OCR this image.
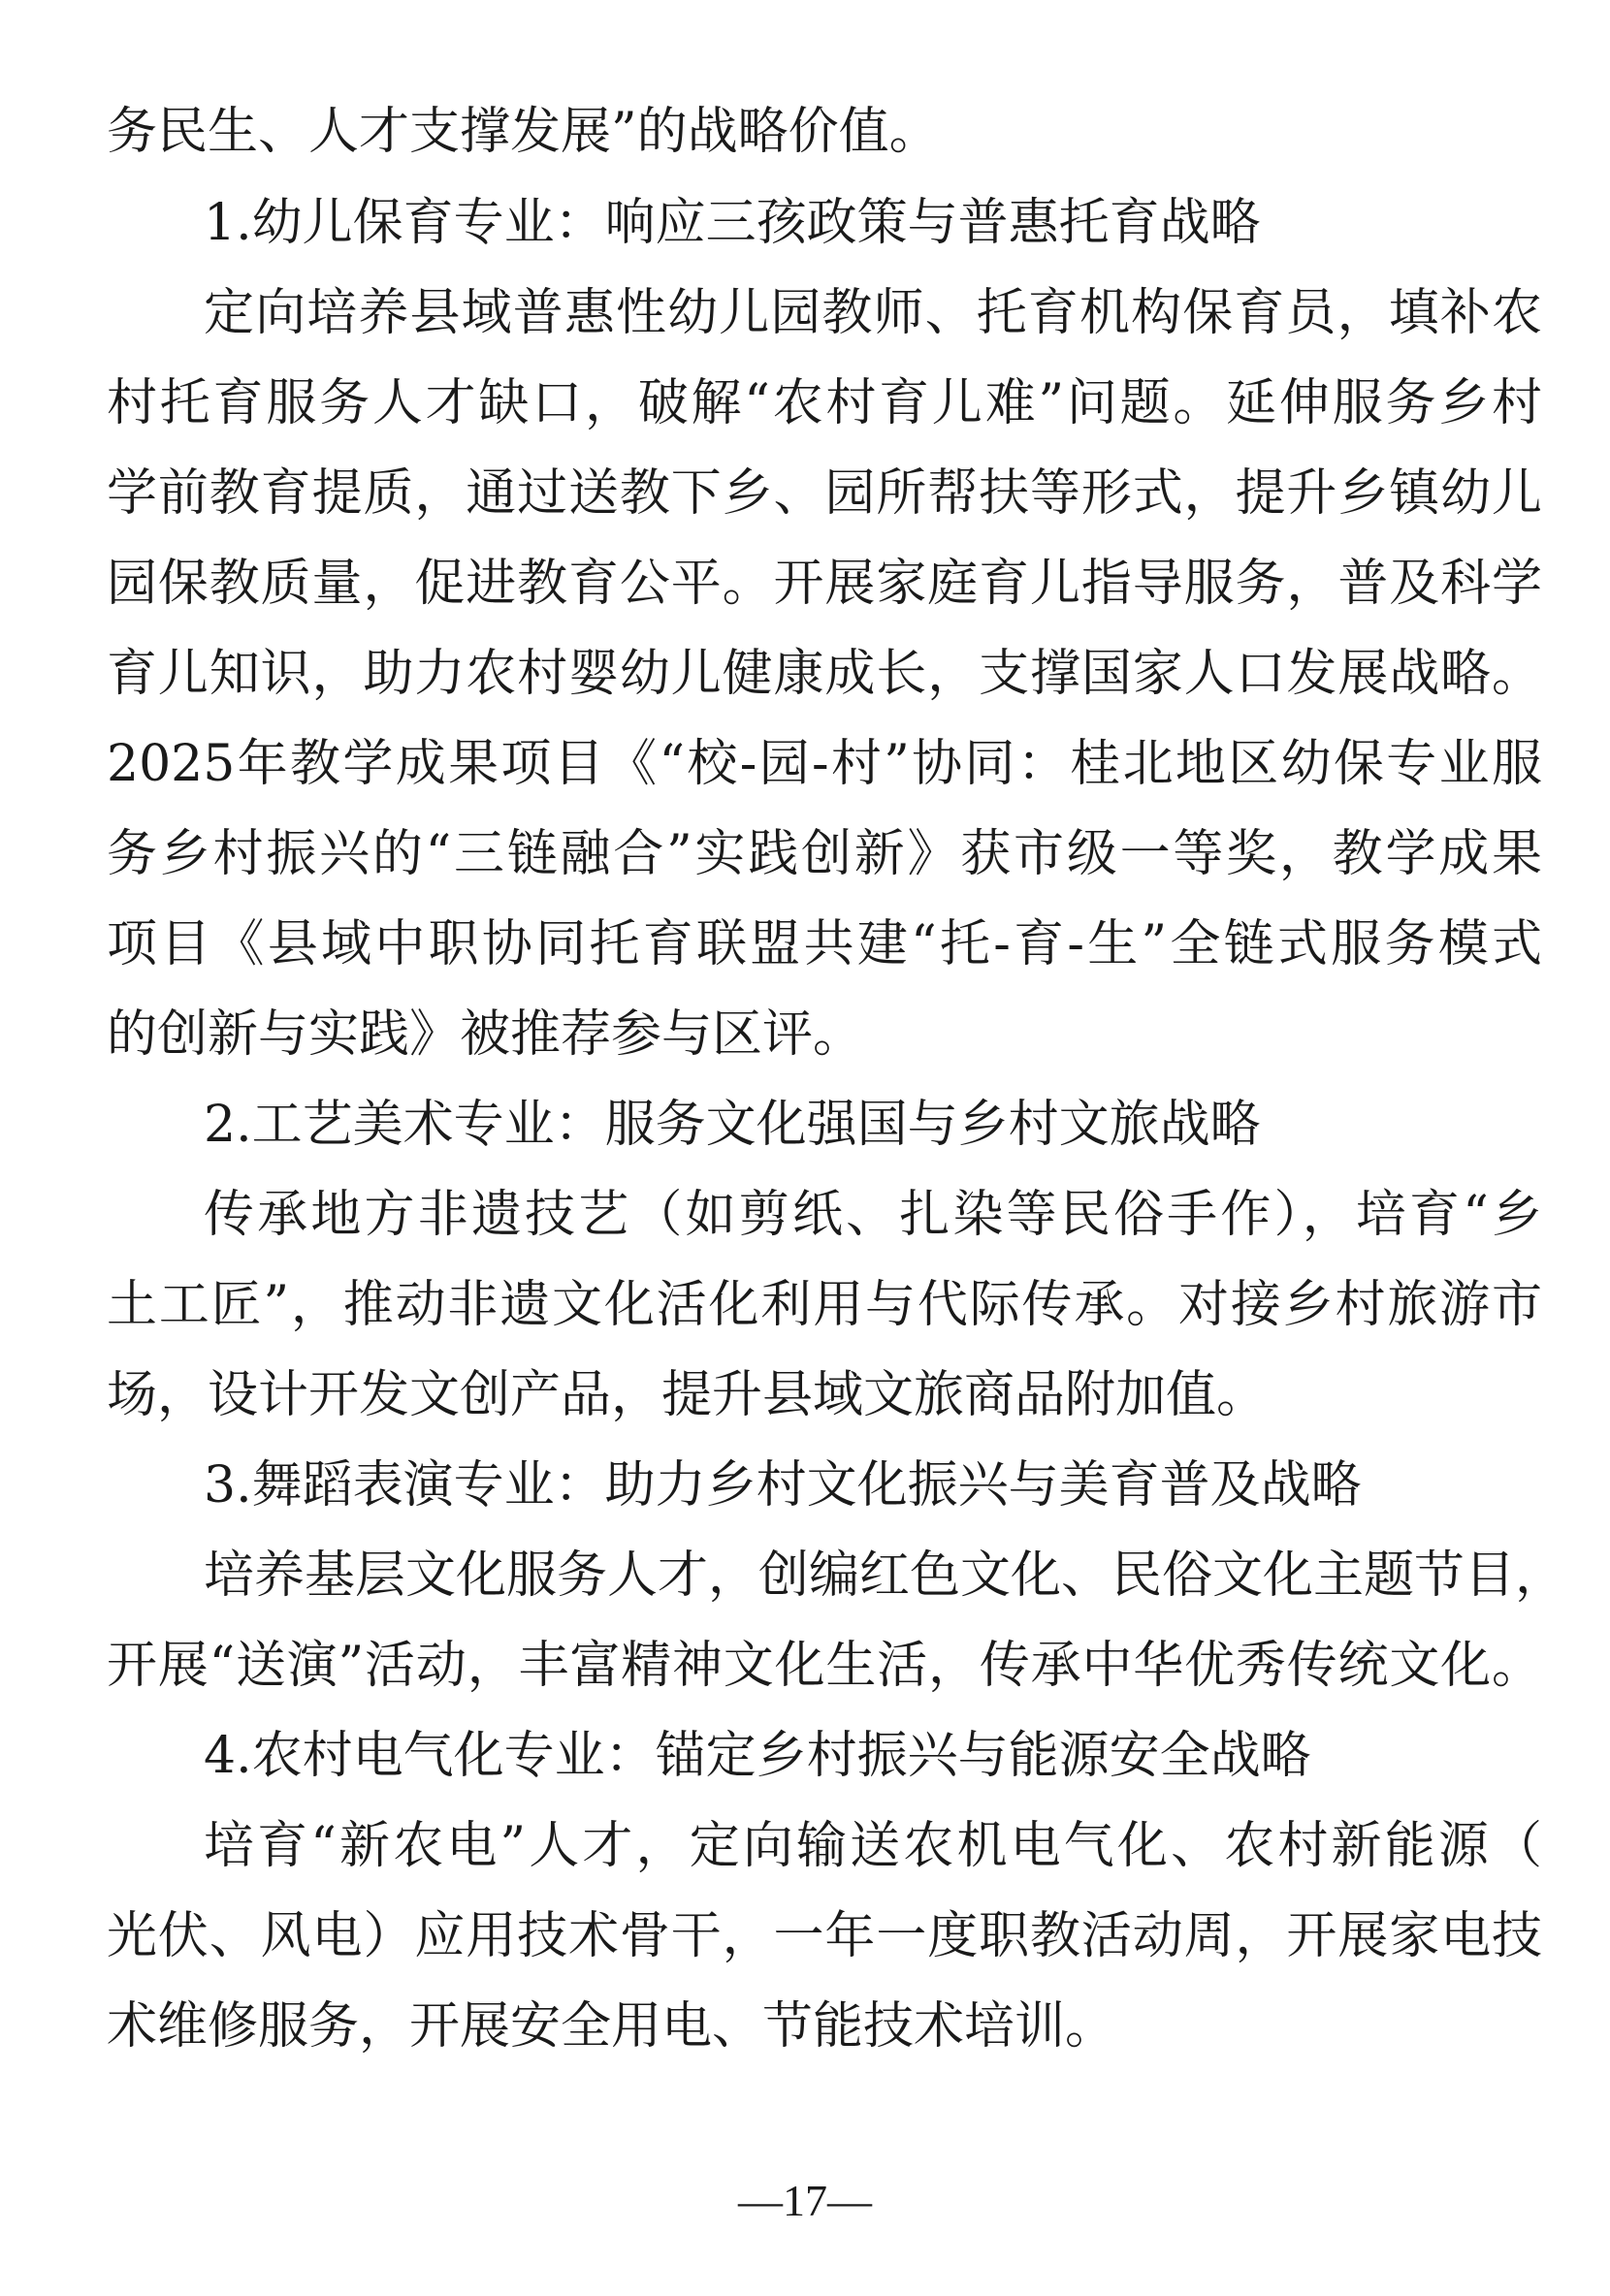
务民生、人才支撑发展”的战略价值。
1.幼儿保育专业：响应三孩政策与普惠托育战略
定向培养县域普惠性幼儿园教师、托育机构保育员，填补农
村托育服务人才缺口，破解“农村育儿难”问题。延伸服务乡村
学前教育提质，通过送教下乡、园所帮扶等形式，提升乡镇幼儿
园保教质量，促进教育公平。开展家庭育儿指导服务，普及科学
育儿知识，助力农村婴幼儿健康成长，支撑国家人口发展战略。
2025年教学成果项目《“校-园-村”协同：桂北地区幼保专业服
务乡村振兴的“三链融合”实践创新》获市级一等奖，教学成果
项目《县域中职协同托育联盟共建“托-育-生”全链式服务模式
的创新与实践》被推荐参与区评。
2.工艺美术专业：服务文化强国与乡村文旅战略
传承地方非遗技艺（如剪纸、扎染等民俗手作），培育“乡
土工匠”，推动非遗文化活化利用与代际传承。对接乡村旅游市
场，设计开发文创产品，提升县域文旅商品附加值。
3.舞蹈表演专业：助力乡村文化振兴与美育普及战略
培养基层文化服务人才，创编红色文化、民俗文化主题节目，
开展“送演”活动，丰富精神文化生活，传承中华优秀传统文化。
4.农村电气化专业：锚定乡村振兴与能源安全战略
培育“新农电”人才，定向输送农机电气化、农村新能源（
光伏、风电）应用技术骨干，一年一度职教活动周，开展家电技
术维修服务，开展安全用电、节能技术培训。
—17—
